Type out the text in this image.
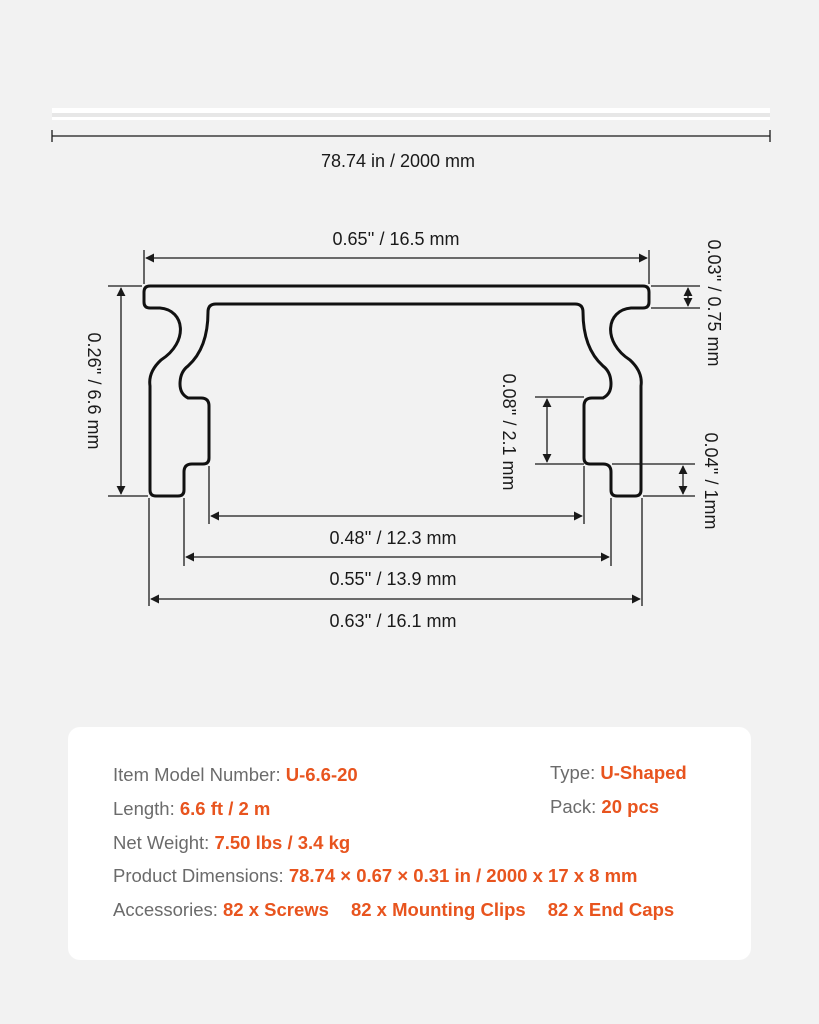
78.74 in / 2000 mm
0.65'' / 16.5 mm
0.26'' / 6.6 mm
0.03'' / 0.75 mm
0.08'' / 2.1 mm	0.04'' / 1mm
0.48'' / 12.3 mm
0.55'' / 13.9 mm
0.63'' / 16.1 mm
Item Model Number: U-6.6-20	Type: U-Shaped
Length: 6.6 ft / 2 m	Pack: 20 pcs
Net Weight: 7.50 lbs / 3.4 kg
Product Dimensions: 78.74 × 0.67 × 0.31 in / 2000 x 17 x 8 mm
Accessories: 82 x Screws 82 x Mounting Clips 82 x End Caps
